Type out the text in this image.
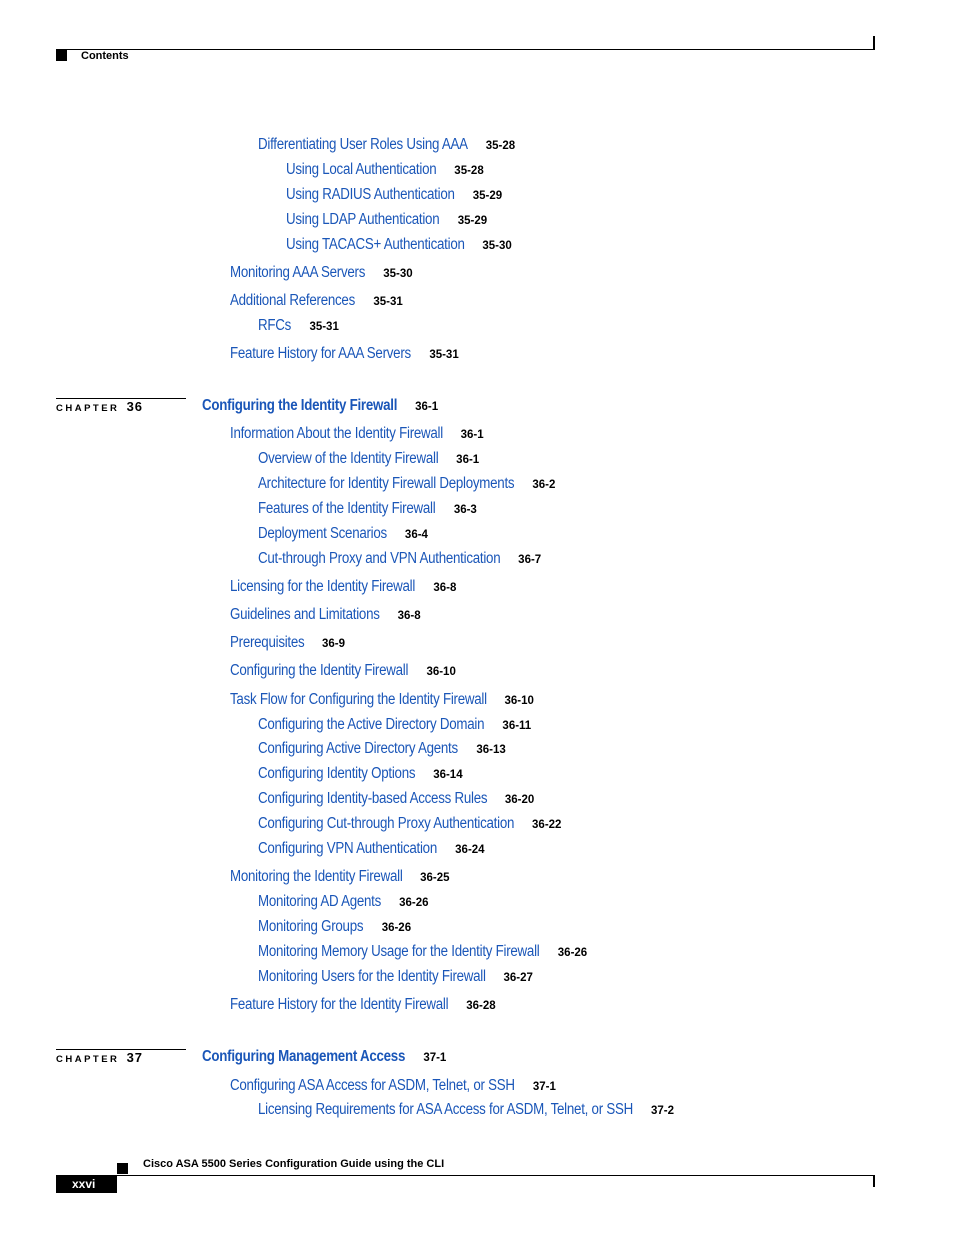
Contents
CHAPTER 36
CHAPTER 37
Differentiating User Roles Using AAA 35-28
Using Local Authentication 35-28
Using RADIUS Authentication 35-29
Using LDAP Authentication 35-29
Using TACACS+ Authentication 35-30
Monitoring AAA Servers 35-30
Additional References 35-31
RFCs 35-31
Feature History for AAA Servers 35-31
Configuring the Identity Firewall 36-1
Information About the Identity Firewall 36-1
Overview of the Identity Firewall 36-1
Architecture for Identity Firewall Deployments 36-2
Features of the Identity Firewall 36-3
Deployment Scenarios 36-4
Cut-through Proxy and VPN Authentication 36-7
Licensing for the Identity Firewall 36-8
Guidelines and Limitations 36-8
Prerequisites 36-9
Configuring the Identity Firewall 36-10
Task Flow for Configuring the Identity Firewall 36-10
Configuring the Active Directory Domain 36-11
Configuring Active Directory Agents 36-13
Configuring Identity Options 36-14
Configuring Identity-based Access Rules 36-20
Configuring Cut-through Proxy Authentication 36-22
Configuring VPN Authentication 36-24
Monitoring the Identity Firewall 36-25
Monitoring AD Agents 36-26
Monitoring Groups 36-26
Monitoring Memory Usage for the Identity Firewall 36-26
Monitoring Users for the Identity Firewall 36-27
Feature History for the Identity Firewall 36-28
Configuring Management Access 37-1
Configuring ASA Access for ASDM, Telnet, or SSH 37-1
Licensing Requirements for ASA Access for ASDM, Telnet, or SSH 37-2
Cisco ASA 5500 Series Configuration Guide using the CLI
xxvi
